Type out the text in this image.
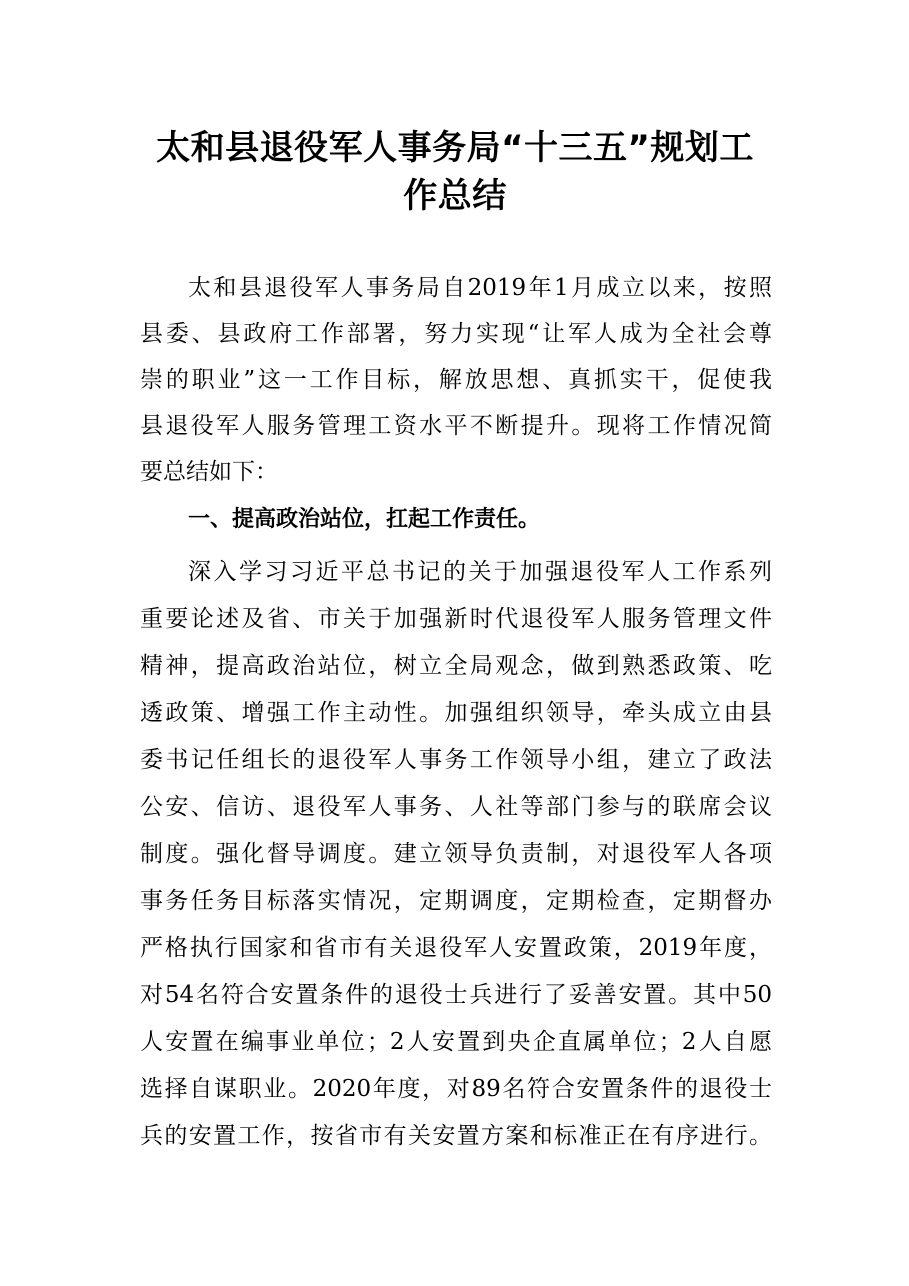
太和县退役军人事务局“十三五”规划工
作总结
太和县退役军人事务局自2019年1月成立以来，按照
县委、县政府工作部署，努力实现“让军人成为全社会尊
崇的职业”这一工作目标，解放思想、真抓实干，促使我
县退役军人服务管理工资水平不断提升。现将工作情况简
要总结如下：
一、提高政治站位，扛起工作责任。
深入学习习近平总书记的关于加强退役军人工作系列
重要论述及省、市关于加强新时代退役军人服务管理文件
精神，提高政治站位，树立全局观念，做到熟悉政策、吃
透政策、增强工作主动性。加强组织领导，牵头成立由县
委书记任组长的退役军人事务工作领导小组，建立了政法
公安、信访、退役军人事务、人社等部门参与的联席会议
制度。强化督导调度。建立领导负责制，对退役军人各项
事务任务目标落实情况，定期调度，定期检查，定期督办
严格执行国家和省市有关退役军人安置政策，2019年度，
对54名符合安置条件的退役士兵进行了妥善安置。其中50
人安置在编事业单位；2人安置到央企直属单位；2人自愿
选择自谋职业。2020年度，对89名符合安置条件的退役士
兵的安置工作，按省市有关安置方案和标准正在有序进行。
